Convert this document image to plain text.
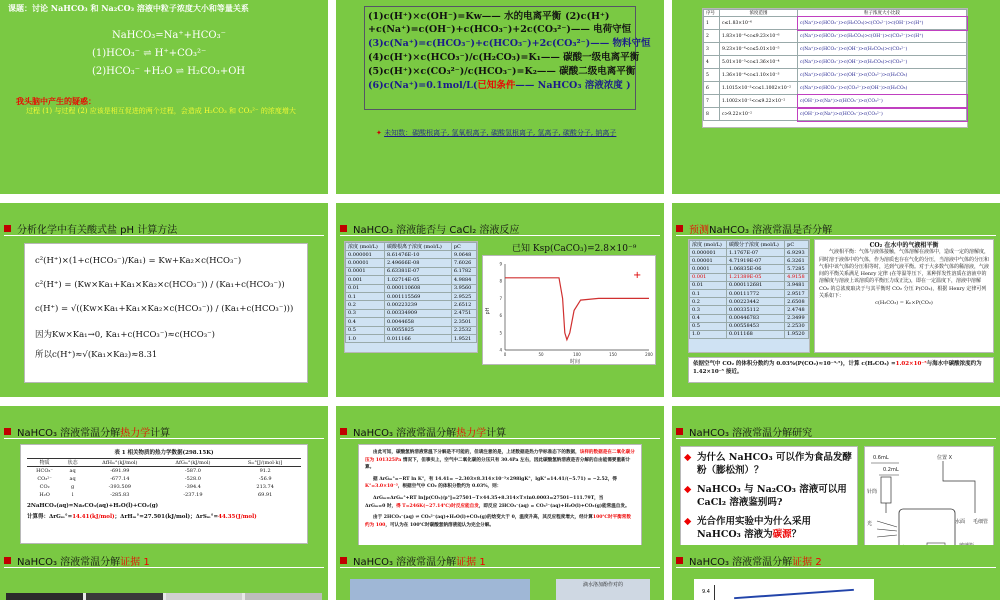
课题：讨论 NaHCO₃ 和 Na₂CO₃ 溶液中粒子浓度大小和等量关系
NaHCO₃=Na⁺+HCO₃⁻
(1)HCO₃⁻ ⇌ H⁺+CO₃²⁻
(2)HCO₃⁻ +H₂O ⇌ H₂CO₃+OH
我头脑中产生的疑惑：
过程 (1) 与过程 (2) 应该是相互促进的两个过程，会造成 H₂CO₃ 和 CO₃²⁻ 的浓度增大
(1)c(H⁺)×c(OH⁻)=Kw—— 水的电离平衡 (2)c(H⁺)
+c(Na⁺)=c(OH⁻)+c(HCO₃⁻)+2c(CO₃²⁻)—— 电荷守恒
(3)c(Na⁺)=c(HCO₃⁻)+c(HCO₃⁻)+2c(CO₃²⁻)—— 物料守恒
(4)c(H⁺)×c(HCO₃⁻)/c(H₂CO₃)=K₁—— 碳酸一级电离平衡
(5)c(H⁺)×c(CO₃²⁻)/c(HCO₃⁻)=K₂—— 碳酸二级电离平衡
(6)c(Na⁺)=0.1mol/L(已知条件—— NaHCO₃ 溶液浓度 )
✦ 未知数：碳酸根离子, 氢氧根离子, 碳酸氢根离子, 氢离子, 碳酸分子, 钠离子
序号	浓度范围	粒子浓度大小比较
1	c≤1.83×10⁻⁶	c(Na⁺)>c(HCO₃⁻)>c(H₂CO₃)>c(CO₃²⁻)>c(OH⁻)>c(H⁺)
2	1.83×10⁻⁶<c≤9.23×10⁻⁶	c(Na⁺)>c(HCO₃⁻)>c(H₂CO₃)>c(OH⁻)>c(CO₃²⁻)>c(H⁺)
3	9.23×10⁻⁶<c≤5.01×10⁻⁵	c(Na⁺)>c(HCO₃⁻)>c(OH⁻)>c(H₂CO₃)>c(CO₃²⁻)
4	5.01×10⁻⁵<c≤1.36×10⁻⁴	c(Na⁺)>c(HCO₃⁻)>c(OH⁻)>c(H₂CO₃)>c(CO₃²⁻)
5	1.36×10⁻⁴<c≤1.10×10⁻³	c(Na⁺)>c(HCO₃⁻)>c(OH⁻)>c(CO₃²⁻)>c(H₂CO₃)
6	1.1015×10⁻³<c≤1.1002×10⁻²	c(Na⁺)>c(HCO₃⁻)>c(CO₃²⁻)>c(OH⁻)>c(H₂CO₃)
7	1.1002×10⁻²<c≤9.22×10⁻²	c(OH⁻)>c(Na⁺)>c(HCO₃⁻)>c(CO₃²⁻)
8	c>9.22×10⁻²	c(OH⁻)>c(Na⁺)>c(HCO₃⁻)>c(CO₃²⁻)
分析化学中有关酸式盐 pH 计算方法
c²(H⁺)×(1+c(HCO₃⁻)/Ka₁) = Kw+Ka₂×c(HCO₃⁻)
c²(H⁺) = (Kw×Ka₁+Ka₁×Ka₂×c(HCO₃⁻)) / (Ka₁+c(HCO₃⁻))
c(H⁺) = √((Kw×Ka₁+Ka₁×Ka₂×c(HCO₃⁻)) / (Ka₁+c(HCO₃⁻)))
因为Kw×Ka₁→0, Ka₁+c(HCO₃⁻)≈c(HCO₃⁻)
所以c(H⁺)≈√(Ka₁×Ka₂)≈8.31
NaHCO₃ 溶液能否与 CaCl₂ 溶液反应
浓度 (mol/L)	碳酸根离子浓度 (mol/L)	pC
0.000001	8.61476E-10	9.0648
0.00001	2.49666E-08	7.6026
0.0001	6.63381E-07	6.1782
0.001	1.02714E-05	4.9884
0.01	0.000110608	3.9560
0.1	0.001115569	2.9525
0.2	0.00223239	2.6512
0.3	0.00334909	2.4751
0.4	0.0044658	2.3501
0.5	0.0055825	2.2532
1.0	0.011166	1.9521
已知 Ksp(CaCO₃)=2.8×10⁻⁹
0	50	100	150	200
4
5
6
7
8
9
+
时间
pH
预测 NaHCO₃ 溶液常温是否分解
浓度 (mol/L)	碳酸分子浓度 (mol/L)	pC
0.000001	1.1767E-07	6.9293
0.00001	4.71919E-07	6.3261
0.0001	1.06835E-06	5.7285
0.001	1.21389E-05	4.9158
0.01	0.000112681	3.9481
0.1	0.00111772	2.9517
0.2	0.00223442	2.6508
0.3	0.00335112	2.4748
0.4	0.00446783	2.3499
0.5	0.00558453	2.2530
1.0	0.011168	1.9520
CO₂ 在水中的气液相平衡
气液相平衡：气体与液体接触，气体溶解在液体中，造成一定的溶解度，同时溶于液体中的气体，作为溶质也存在气化的分压，当溶液中气体的分压和气相中该气体的分压相等时，达到气液平衡。对于大多数气体的稀溶液，气液间的平衡关系满足 Henry 定律 (在等温等压下，某种挥发性溶质在溶液中的溶解度与溶液上该溶质的平衡压力成正比)，即在一定温度下，溶液中溶解 CO₂ 的总浓度取决于与其平衡时 CO₂ 分压 P(CO₂)，根据 Henry 定律可列关系如下：
c(H₂CO₃) = Kₕ×P(CO₂)
依据空气中 CO₂ 的体积分数约为 0.03%(P(CO₂)≈10⁻³·⁵)，计算 c(H₂CO₃) =1.02×10⁻⁵与海水中碳酸浓度约为 1.42×10⁻⁵ 接近。
NaHCO₃ 溶液常温分解 热力学 计算
表 1 相关物质的热力学数据(298.15K)
物质	状态	ΔfHₘ°(kJ/mol)	ΔfGₘ°(kJ/mol)	Sₘ°[J/(mol·k)]
HCO₃⁻	aq	-691.99	-587.0	91.2
CO₃²⁻	aq	-677.14	-528.0	-56.9
CO₂	g	-393.509	-394.4	213.74
H₂O	l	-285.83	-237.19	69.91
2NaHCO₃(aq)=Na₂CO₃(aq)+H₂O(l)+CO₂(g)
计算得：ΔrGₘ°=14.41(kJ/mol)；ΔrHₘ°=27.501(kJ/mol)；ΔrSₘ°=44.35(J/mol)
NaHCO₃ 溶液常温分解 热力学 计算
由此可知，碳酸氢钠溶液常温下分解是不可能的，但请注意的是，上述数据是热力学标准态下的数据，该样的数据是在二氧化碳分压为 101325Pa 情况下，但事实上，空气中二氧化碳的分压只有 30.4Pa 左右，因此碳酸氢钠溶液是否分解的自由能需要重新计算。
据 ΔrGₘ°=−RT ln K°，有 14.41= −2.303×8.314×10⁻³×298lgK°，lgK°=14.41/(−5.71) = −2.52，得K°=3.0×10⁻³，根据空气中 CO₂ 的体积分数约为 0.03%，则：
ΔrGₘ=ΔrGₘ°+RT ln[p(CO₂)/p°]=27501−T×44.35+8.314×T×ln0.0003=27501−111.79T，当
ΔrGₘ=0 时，得 T=246K(−27.14℃)时反应能自发，即反应 2HCO₃⁻(aq) = CO₃²⁻(aq)+H₂O(l)+CO₂(g)能常温自发。
由于 2HCO₃⁻(aq) ⇌ CO₃²⁻(aq)+H₂O(l)+CO₂(g)的焓变大于 0，温度升高，其反应程度增大，经计算100℃时平衡常数约为 100，可认为在 100℃时碳酸氢钠溶液能认为完全分解。
NaHCO₃ 溶液常温分解研究
◆ 为什么 NaHCO₃ 可以作为食品发酵粉（膨松剂）？
◆ NaHCO₃ 与 Na₂CO₃ 溶液可以用 CaCl₂ 溶液鉴别吗?
◆ 光合作用实验中为什么采用 NaHCO₃ 溶液为碳源？
0.6mL
0.2mL
位置 X
针筒
光	水面 毛细管
NaHCO₃ 溶液常温分解 证据 1	NaHCO₃ 溶液常温分解 证据 1
滴水洛加酚作对的
NaHCO₃ 溶液常温分解 证据 2
9.4
